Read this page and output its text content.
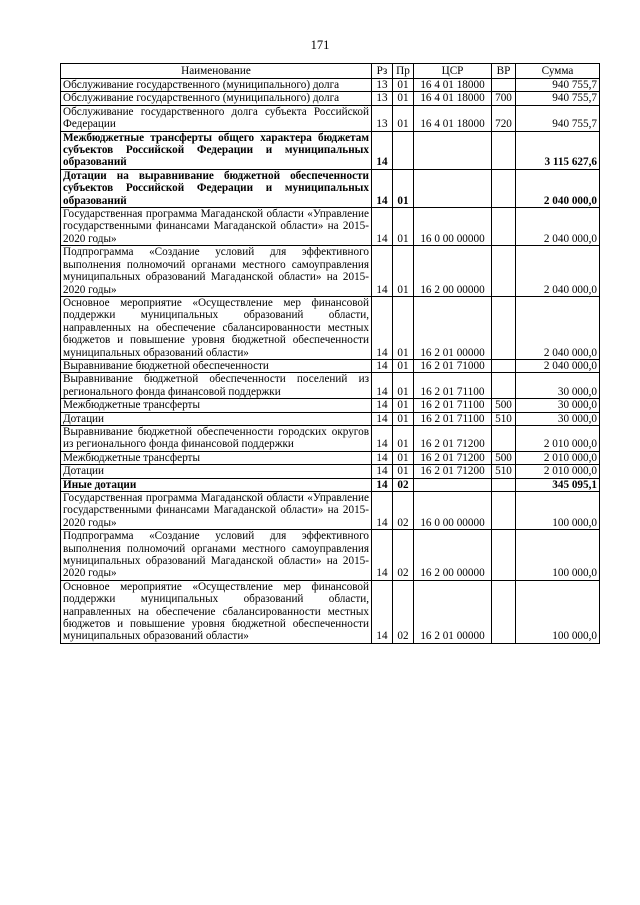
171
Наименование	Рз	Пр	ЦСР	ВР	Сумма
Обслуживание государственного (муниципального) долга	13	01	16 4 01 18000		940 755,7
Обслуживание государственного (муниципального) долга	13	01	16 4 01 18000	700	940 755,7
Обслуживание государственного долга субъекта Российской Федерации	13	01	16 4 01 18000	720	940 755,7
Межбюджетные трансферты общего характера бюджетам субъектов Российской Федерации и муниципальных образований	14				3 115 627,6
Дотации на выравнивание бюджетной обеспеченности субъектов Российской Федерации и муниципальных образований	14	01			2 040 000,0
Государственная программа Магаданской области «Управление государственными финансами Магаданской области» на 2015-2020 годы»	14	01	16 0 00 00000		2 040 000,0
Подпрограмма «Создание условий для эффективного выполнения полномочий органами местного самоуправления муниципальных образований Магаданской области» на 2015-2020 годы»	14	01	16 2 00 00000		2 040 000,0
Основное мероприятие «Осуществление мер финансовой поддержки муниципальных образований области, направленных на обеспечение сбалансированности местных бюджетов и повышение уровня бюджетной обеспеченности муниципальных образований области»	14	01	16 2 01 00000		2 040 000,0
Выравнивание бюджетной обеспеченности	14	01	16 2 01 71000		2 040 000,0
Выравнивание бюджетной обеспеченности поселений из регионального фонда финансовой поддержки	14	01	16 2 01 71100		30 000,0
Межбюджетные трансферты	14	01	16 2 01 71100	500	30 000,0
Дотации	14	01	16 2 01 71100	510	30 000,0
Выравнивание бюджетной обеспеченности городских округов из регионального фонда финансовой поддержки	14	01	16 2 01 71200		2 010 000,0
Межбюджетные трансферты	14	01	16 2 01 71200	500	2 010 000,0
Дотации	14	01	16 2 01 71200	510	2 010 000,0
Иные дотации	14	02			345 095,1
Государственная программа Магаданской области «Управление государственными финансами Магаданской области» на 2015-2020 годы»	14	02	16 0 00 00000		100 000,0
Подпрограмма «Создание условий для эффективного выполнения полномочий органами местного самоуправления муниципальных образований Магаданской области» на 2015-2020 годы»	14	02	16 2 00 00000		100 000,0
Основное мероприятие «Осуществление мер финансовой поддержки муниципальных образований области, направленных на обеспечение сбалансированности местных бюджетов и повышение уровня бюджетной обеспеченности муниципальных образований области»	14	02	16 2 01 00000		100 000,0
